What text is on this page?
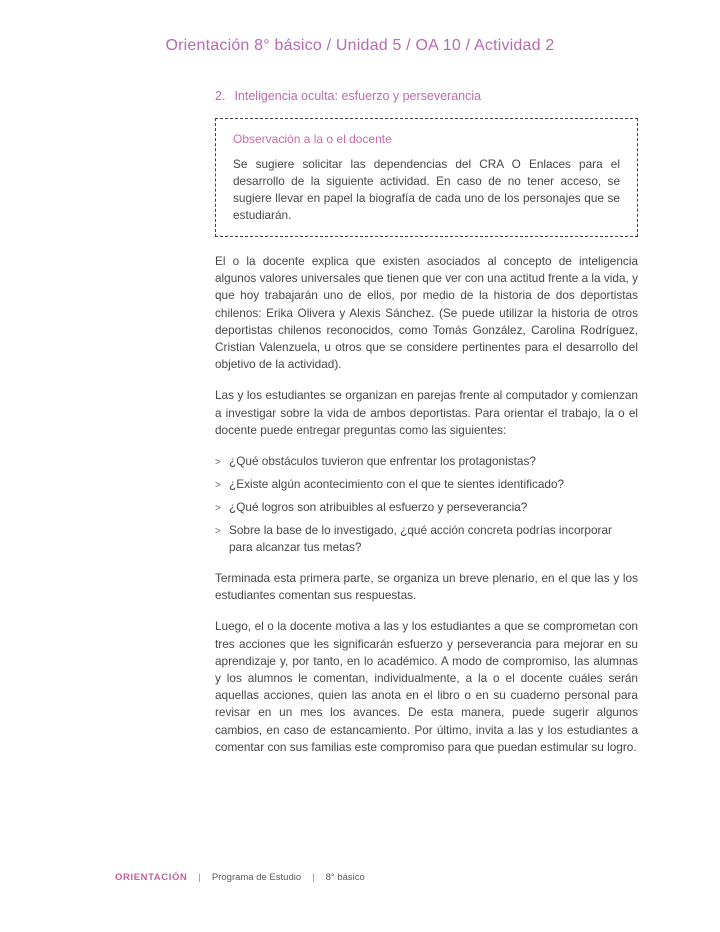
Orientación 8° básico / Unidad 5 / OA 10 / Actividad 2
2. Inteligencia oculta: esfuerzo y perseverancia
Observación a la o el docente

Se sugiere solicitar las dependencias del CRA O Enlaces para el desarrollo de la siguiente actividad. En caso de no tener acceso, se sugiere llevar en papel la biografía de cada uno de los personajes que se estudiarán.

El o la docente explica que existen asociados al concepto de inteligencia algunos valores universales que tienen que ver con una actitud frente a la vida, y que hoy trabajarán uno de ellos, por medio de la historia de dos deportistas chilenos: Erika Olivera y Alexis Sánchez. (Se puede utilizar la historia de otros deportistas chilenos reconocidos, como Tomás González, Carolina Rodríguez, Cristian Valenzuela, u otros que se considere pertinentes para el desarrollo del objetivo de la actividad).

Las y los estudiantes se organizan en parejas frente al computador y comienzan a investigar sobre la vida de ambos deportistas. Para orientar el trabajo, la o el docente puede entregar preguntas como las siguientes:

> ¿Qué obstáculos tuvieron que enfrentar los protagonistas?
> ¿Existe algún acontecimiento con el que te sientes identificado?
> ¿Qué logros son atribuibles al esfuerzo y perseverancia?
> Sobre la base de lo investigado, ¿qué acción concreta podrías incorporar para alcanzar tus metas?

Terminada esta primera parte, se organiza un breve plenario, en el que las y los estudiantes comentan sus respuestas.

Luego, el o la docente motiva a las y los estudiantes a que se comprometan con tres acciones que les significarán esfuerzo y perseverancia para mejorar en su aprendizaje y, por tanto, en lo académico. A modo de compromiso, las alumnas y los alumnos le comentan, individualmente, a la o el docente cuáles serán aquellas acciones, quien las anota en el libro o en su cuaderno personal para revisar en un mes los avances. De esta manera, puede sugerir algunos cambios, en caso de estancamiento. Por último, invita a las y los estudiantes a comentar con sus familias este compromiso para que puedan estimular su logro.

ORIENTACIÓN | Programa de Estudio | 8° básico
